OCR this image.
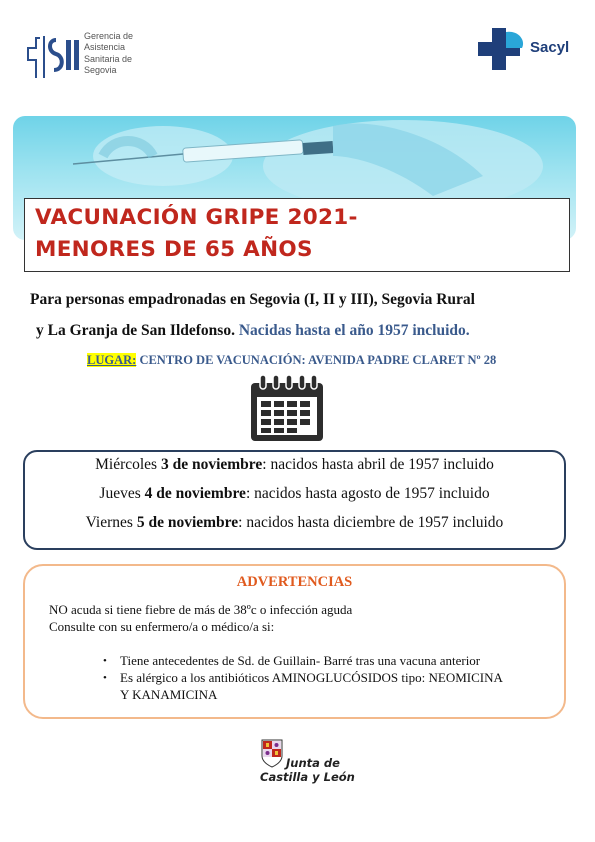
Gerencia de
Asistencia
Sanitaria de
Segovia
Sacyl
VACUNACIÓN GRIPE 2021-
MENORES DE 65 AÑOS
Para personas empadronadas en Segovia (I, II y III), Segovia Rural
y La Granja de San Ildefonso. Nacidas hasta el año 1957 incluido.
LUGAR: CENTRO DE VACUNACIÓN: AVENIDA PADRE CLARET Nº 28
Miércoles 3 de noviembre: nacidos hasta abril de 1957 incluido
Jueves 4 de noviembre: nacidos hasta agosto de 1957 incluido
Viernes 5 de noviembre: nacidos hasta diciembre de 1957 incluido
ADVERTENCIAS
NO acuda si tiene fiebre de más de 38ºc o infección aguda
Consulte con su enfermero/a o médico/a si:
• Tiene antecedentes de Sd. de Guillain- Barré tras una vacuna anterior
• Es alérgico a los antibióticos AMINOGLUCÓSIDOS tipo: NEOMICINA
Y KANAMICINA
Junta de
Castilla y León
